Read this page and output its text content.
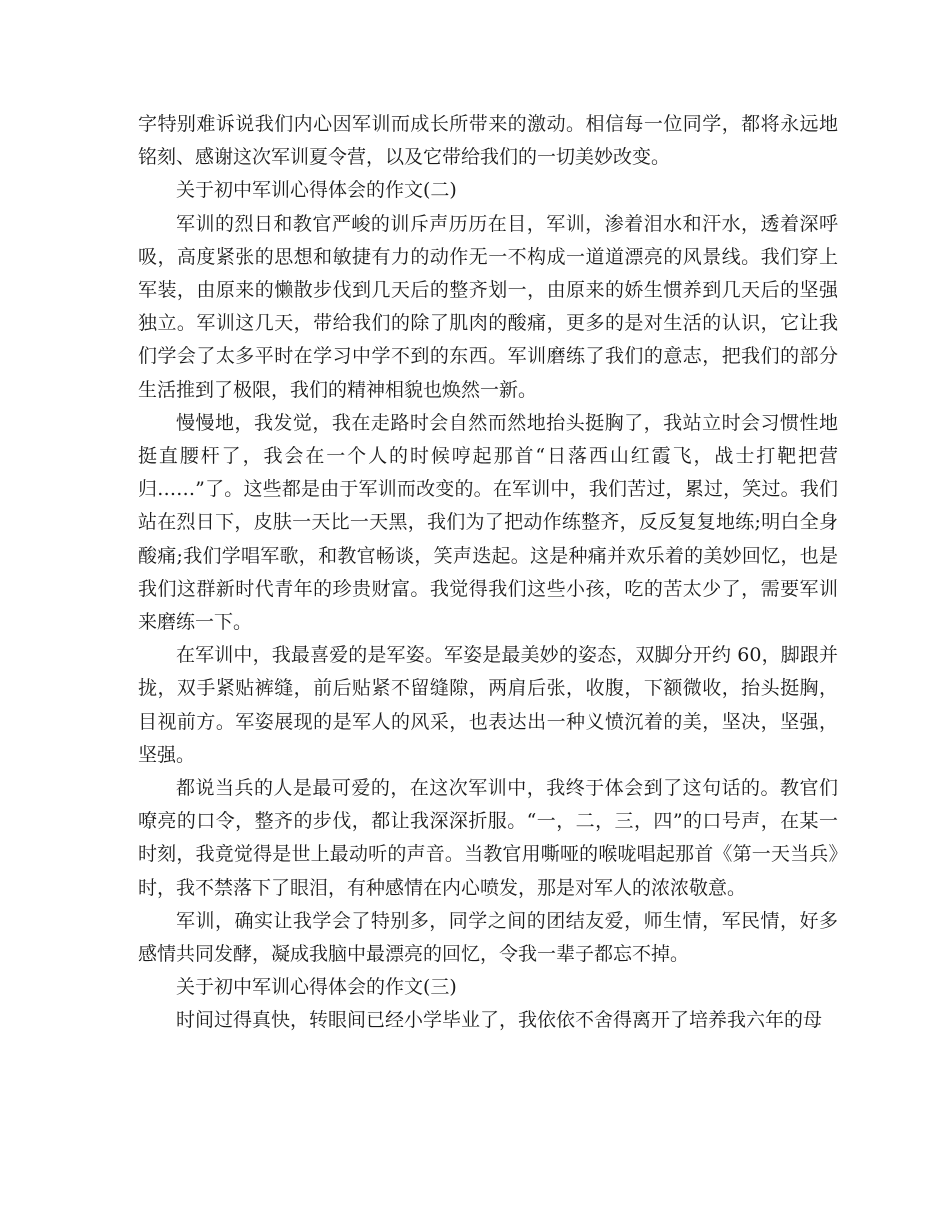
字特别难诉说我们内心因军训而成长所带来的激动。相信每一位同学，都将永远地铭刻、感谢这次军训夏令营，以及它带给我们的一切美妙改变。

关于初中军训心得体会的作文(二)

军训的烈日和教官严峻的训斥声历历在目，军训，渗着泪水和汗水，透着深呼吸，高度紧张的思想和敏捷有力的动作无一不构成一道道漂亮的风景线。我们穿上军装，由原来的懒散步伐到几天后的整齐划一，由原来的娇生惯养到几天后的坚强独立。军训这几天，带给我们的除了肌肉的酸痛，更多的是对生活的认识，它让我们学会了太多平时在学习中学不到的东西。军训磨练了我们的意志，把我们的部分生活推到了极限，我们的精神相貌也焕然一新。

慢慢地，我发觉，我在走路时会自然而然地抬头挺胸了，我站立时会习惯性地挺直腰杆了，我会在一个人的时候哼起那首“日落西山红霞飞，战士打靶把营归……”了。这些都是由于军训而改变的。在军训中，我们苦过，累过，笑过。我们站在烈日下，皮肤一天比一天黑，我们为了把动作练整齐，反反复复地练;明白全身酸痛;我们学唱军歌，和教官畅谈，笑声迭起。这是种痛并欢乐着的美妙回忆，也是我们这群新时代青年的珍贵财富。我觉得我们这些小孩，吃的苦太少了，需要军训来磨练一下。

在军训中，我最喜爱的是军姿。军姿是最美妙的姿态，双脚分开约 60，脚跟并拢，双手紧贴裤缝，前后贴紧不留缝隙，两肩后张，收腹，下额微收，抬头挺胸，目视前方。军姿展现的是军人的风采，也表达出一种义愤沉着的美，坚决，坚强，坚强。

都说当兵的人是最可爱的，在这次军训中，我终于体会到了这句话的。教官们嘹亮的口令，整齐的步伐，都让我深深折服。“一，二，三，四”的口号声，在某一时刻，我竟觉得是世上最动听的声音。当教官用嘶哑的喉咙唱起那首《第一天当兵》时，我不禁落下了眼泪，有种感情在内心喷发，那是对军人的浓浓敬意。

军训，确实让我学会了特别多，同学之间的团结友爱，师生情，军民情，好多感情共同发酵，凝成我脑中最漂亮的回忆，令我一辈子都忘不掉。

关于初中军训心得体会的作文(三)

时间过得真快，转眼间已经小学毕业了，我依依不舍得离开了培养我六年的母
